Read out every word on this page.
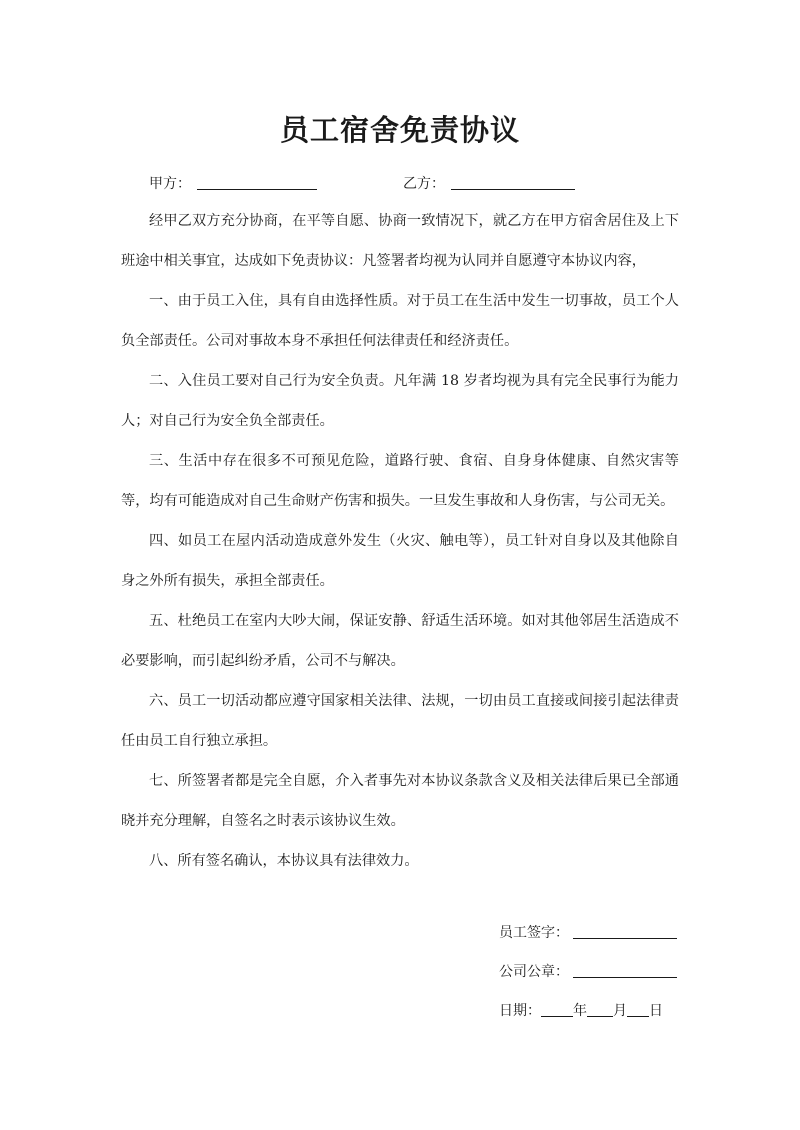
员工宿舍免责协议
甲方：	乙方：

经甲乙双方充分协商，在平等自愿、协商一致情况下，就乙方在甲方宿舍居住及上下班途中相关事宜，达成如下免责协议：凡签署者均视为认同并自愿遵守本协议内容，

一、由于员工入住，具有自由选择性质。对于员工在生活中发生一切事故，员工个人负全部责任。公司对事故本身不承担任何法律责任和经济责任。

二、入住员工要对自己行为安全负责。凡年满 18 岁者均视为具有完全民事行为能力人；对自己行为安全负全部责任。

三、生活中存在很多不可预见危险，道路行驶、食宿、自身身体健康、自然灾害等等，均有可能造成对自己生命财产伤害和损失。一旦发生事故和人身伤害，与公司无关。

四、如员工在屋内活动造成意外发生（火灾、触电等），员工针对自身以及其他除自身之外所有损失，承担全部责任。

五、杜绝员工在室内大吵大闹，保证安静、舒适生活环境。如对其他邻居生活造成不必要影响，而引起纠纷矛盾，公司不与解决。

六、员工一切活动都应遵守国家相关法律、法规，一切由员工直接或间接引起法律责任由员工自行独立承担。

七、所签署者都是完全自愿，介入者事先对本协议条款含义及相关法律后果已全部通晓并充分理解，自签名之时表示该协议生效。

八、所有签名确认，本协议具有法律效力。

员工签字：
公司公章：
日期： 年 月 日
